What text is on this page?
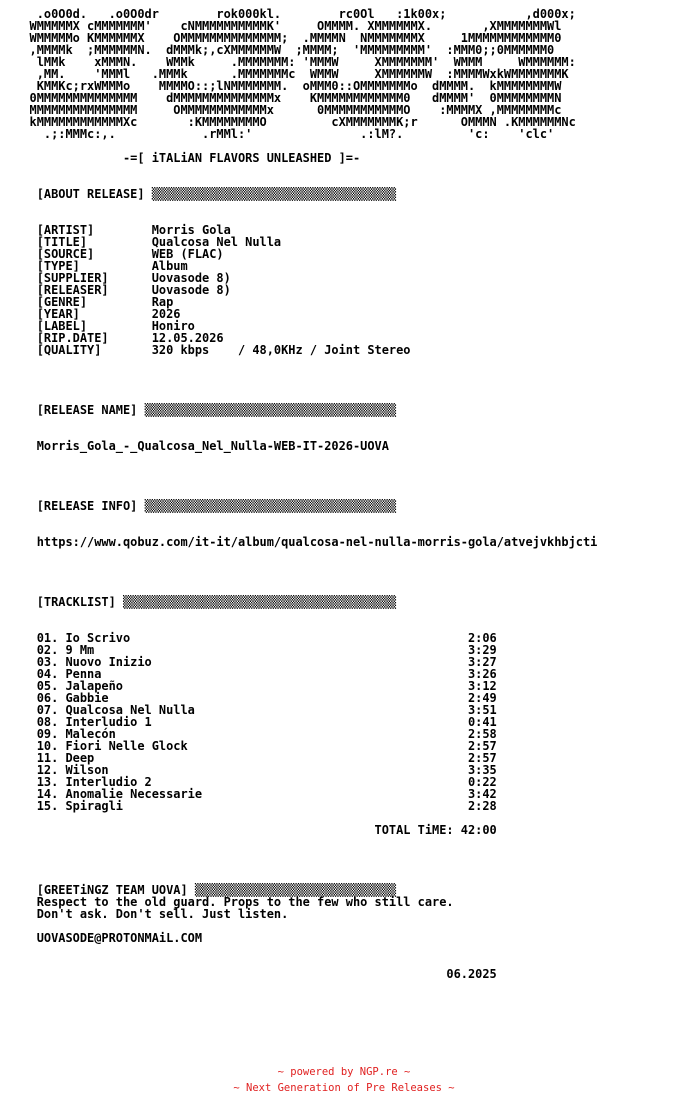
.o0O0d.   .o0O0dr        rok000kl.        rc0Ol   :1k00x;           ,d000x;
WMMMMMX cMMMMMMM'    cNMMMMMMMMMMK'     OMMMM. XMMMMMMX.       ,XMMMMMMMWl
WMMMMMo KMMMMMMX    OMMMMMMMMMMMMMM;  .MMMMN  NMMMMMMMX     1MMMMMMMMMMMM0
,MMMMk  ;MMMMMMN.  dMMMk;,cXMMMMMMW  ;MMMM;  'MMMMMMMMM'  :MMM0;;0MMMMMM0
lMMk    xMMMN.    WMMk     .MMMMMMM: 'MMMW     XMMMMMMM'  WMMM     WMMMMMM:
,MM.    'MMMl   .MMMk      .MMMMMMMc  WMMW     XMMMMMMW  :MMMMWxkWMMMMMMMK
KMMKc;rxWMMMo    MMMMO::;lNMMMMMMM.  oMMM0::OMMMMMMMo  dMMMM.  kMMMMMMMMW
0MMMMMMMMMMMMMM    dMMMMMMMMMMMMMMx    KMMMMMMMMMMMM0   dMMMM'  0MMMMMMMMN
MMMMMMMMMMMMMMM     OMMMMMMMMMMMMx      0MMMMMMMMMMMO    :MMMMX ,MMMMMMMMc
kMMMMMMMMMMMMXc       :KMMMMMMMMO         cXMMMMMMMK;r      OMMMN .KMMMMMMNc
.;:MMMc:,.            .rMMl:'               .:lM?.         'c:    'clc'

-=[ iTALiAN FLAVORS UNLEASHED ]=-

[ABOUT RELEASE] ▒▒▒▒▒▒▒▒▒▒▒▒▒▒▒▒▒▒▒▒▒▒▒▒▒▒▒▒▒▒▒▒▒▒

[ARTIST]	Morris Gola
[TITLE]	Qualcosa Nel Nulla
[SOURCE]	WEB (FLAC)
[TYPE]	Album
[SUPPLIER]	Uovasode 8)
[RELEASER]	Uovasode 8)
[GENRE]	Rap
[YEAR]	2026
[LABEL]	Honiro
[RIP.DATE]	12.05.2026
[QUALITY]	320 kbps    / 48,0KHz / Joint Stereo

[RELEASE NAME] ▒▒▒▒▒▒▒▒▒▒▒▒▒▒▒▒▒▒▒▒▒▒▒▒▒▒▒▒▒▒▒▒▒▒▒

Morris_Gola_-_Qualcosa_Nel_Nulla-WEB-IT-2026-UOVA

[RELEASE INFO] ▒▒▒▒▒▒▒▒▒▒▒▒▒▒▒▒▒▒▒▒▒▒▒▒▒▒▒▒▒▒▒▒▒▒▒

https://www.qobuz.com/it-it/album/qualcosa-nel-nulla-morris-gola/atvejvkhbjcti

[TRACKLIST] ▒▒▒▒▒▒▒▒▒▒▒▒▒▒▒▒▒▒▒▒▒▒▒▒▒▒▒▒▒▒▒▒▒▒▒▒▒▒

01. Io Scrivo	2:06
02. 9 Mm	3:29
03. Nuovo Inizio	3:27
04. Penna	3:26
05. Jalapeño	3:12
06. Gabbie	2:49
07. Qualcosa Nel Nulla	3:51
08. Interludio 1	0:41
09. Malecón	2:58
10. Fiori Nelle Glock	2:57
11. Deep	2:57
12. Wilson	3:35
13. Interludio 2	0:22
14. Anomalie Necessarie	3:42
15. Spiragli	2:28

TOTAL TiME: 42:00

[GREETiNGZ TEAM UOVA] ▒▒▒▒▒▒▒▒▒▒▒▒▒▒▒▒▒▒▒▒▒▒▒▒▒▒▒▒
Respect to the old guard. Props to the few who still care.
Don't ask. Don't sell. Just listen.

UOVASODE@PROTONMAiL.COM

06.2025

~ powered by NGP.re ~
~ Next Generation of Pre Releases ~
